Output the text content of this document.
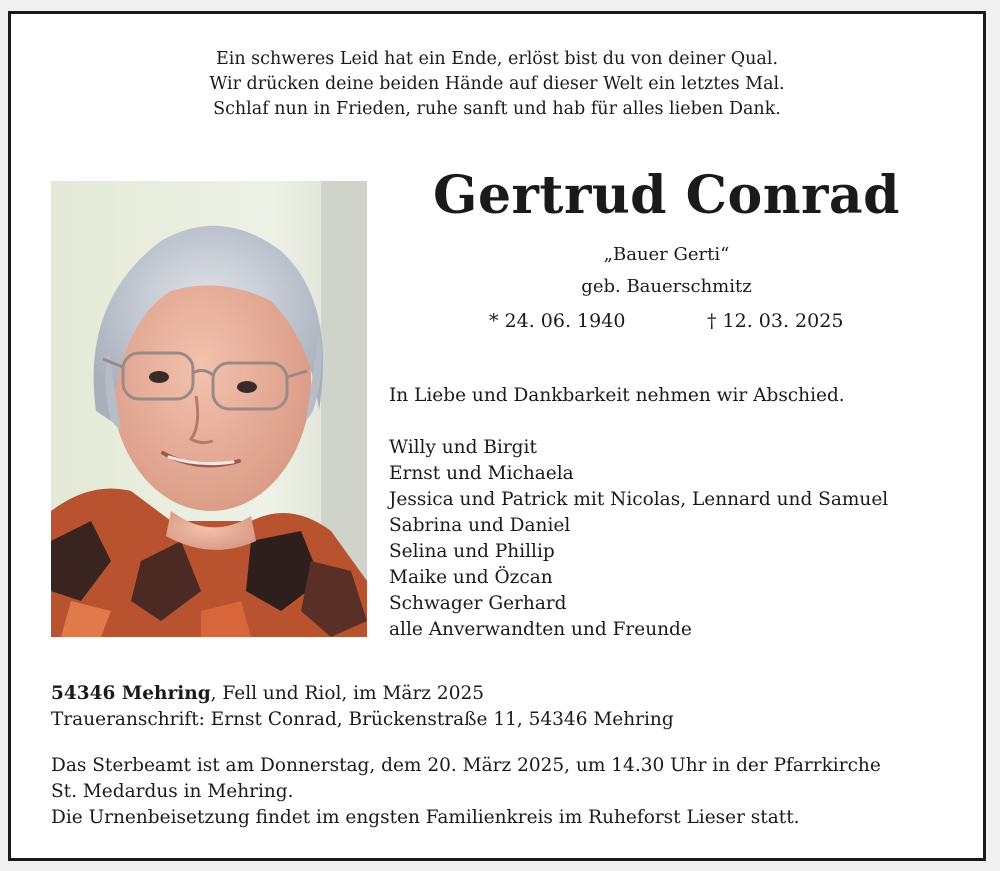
Ein schweres Leid hat ein Ende, erlöst bist du von deiner Qual.
Wir drücken deine beiden Hände auf dieser Welt ein letztes Mal.
Schlaf nun in Frieden, ruhe sanft und hab für alles lieben Dank.
Gertrud Conrad
„Bauer Gerti“
geb. Bauerschmitz
* 24. 06. 1940	† 12. 03. 2025
In Liebe und Dankbarkeit nehmen wir Abschied.
Willy und Birgit
Ernst und Michaela
Jessica und Patrick mit Nicolas, Lennard und Samuel
Sabrina und Daniel
Selina und Phillip
Maike und Özcan
Schwager Gerhard
alle Anverwandten und Freunde
54346 Mehring, Fell und Riol, im März 2025
Traueranschrift: Ernst Conrad, Brückenstraße 11, 54346 Mehring
Das Sterbeamt ist am Donnerstag, dem 20. März 2025, um 14.30 Uhr in der Pfarrkirche
St. Medardus in Mehring.
Die Urnenbeisetzung findet im engsten Familienkreis im Ruheforst Lieser statt.
